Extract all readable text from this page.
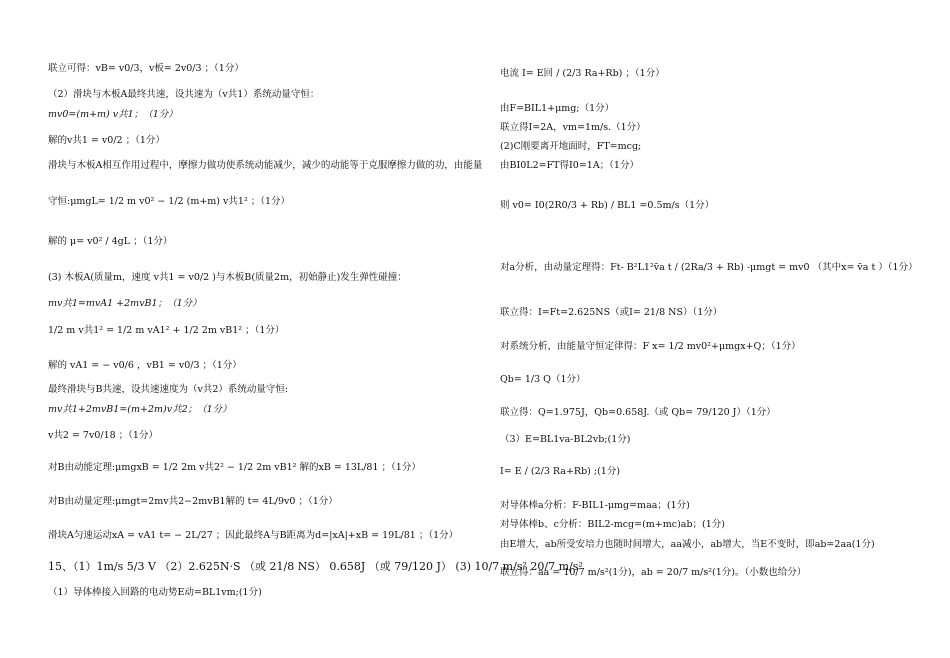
联立可得：vB= v0/3，v板= 2v0/3 ；（1分）
（2）滑块与木板A最终共速，设共速为（v共1）系统动量守恒：
mv0=(m+m) v共1；（1分）
解的v共1 = v0/2 ；（1分）
滑块与木板A相互作用过程中，摩擦力做功使系统动能减少，减少的动能等于克服摩擦力做的功，由能量
守恒:μmgL= 1/2 m v0² − 1/2 (m+m) v共1² ；（1分）
解的 μ= v0² / 4gL ；（1分）
(3) 木板A(质量m，速度 v共1 = v0/2 )与木板B(质量2m，初始静止)发生弹性碰撞：
mv共1=mvA1 +2mvB1；（1分）
1/2 m v共1² = 1/2 m vA1² + 1/2 2m vB1² ；（1分）
解的 vA1 = − v0/6 ，vB1 = v0/3 ；（1分）
最终滑块与B共速，设共速速度为（v共2）系统动量守恒:
mv共1+2mvB1=(m+2m)v共2；（1分）
v共2 = 7v0/18 ；（1分）
对B由动能定理:μmgxB = 1/2 2m v共2² − 1/2 2m vB1² 解的xB = 13L/81 ；（1分）
对B由动量定理:μmgt=2mv共2−2mvB1解的 t= 4L/9v0 ；（1分）
滑块A匀速运动xA = vA1 t= − 2L/27 ；因此最终A与B距离为d=|xA|+xB = 19L/81 ；（1分）
15、（1）1m/s 5/3 V （2）2.625N·S （或 21/8 NS） 0.658J （或 79/120 J） (3) 10/7 m/s² 20/7 m/s²
（1）导体棒接入回路的电动势E动=BL1vm;(1分)
电流 I= E回 / (2/3 Ra+Rb) ；（1分）
由F=BIL1+μmg;（1分）
联立得I=2A，vm=1m/s.（1分）
(2)C刚要离开地面时，FT=mcg;
由BI0L2=FT得I0=1A；（1分）
则 v0= I0(2R0/3 + Rb) / BL1 =0.5m/s（1分）
对a分析，由动量定理得：Ft- B²L1²v̄a t / (2Ra/3 + Rb) -μmgt = mv0 （其中x= v̄a t ）（1分）
联立得：I=Ft=2.625NS（或I= 21/8 NS）（1分）
对系统分析，由能量守恒定律得：F x= 1/2 mv0²+μmgx+Q；（1分）
Qb= 1/3 Q（1分）
联立得：Q=1.975J，Qb=0.658J.（或 Qb= 79/120 J）（1分）
（3）E=BL1va-BL2vb;(1分)
I= E / (2/3 Ra+Rb) ;(1分)
对导体棒a分析：F-BIL1-μmg=maa；(1分)
对导体棒b、c分析：BIL2-mcg=(m+mc)ab；(1分)
由E增大，ab所受安培力也随时间增大，aa减小，ab增大，当E不变时，即ab=2aa(1分)
联立得：aa = 10/7 m/s²(1分)，ab = 20/7 m/s²(1分)。（小数也给分）
